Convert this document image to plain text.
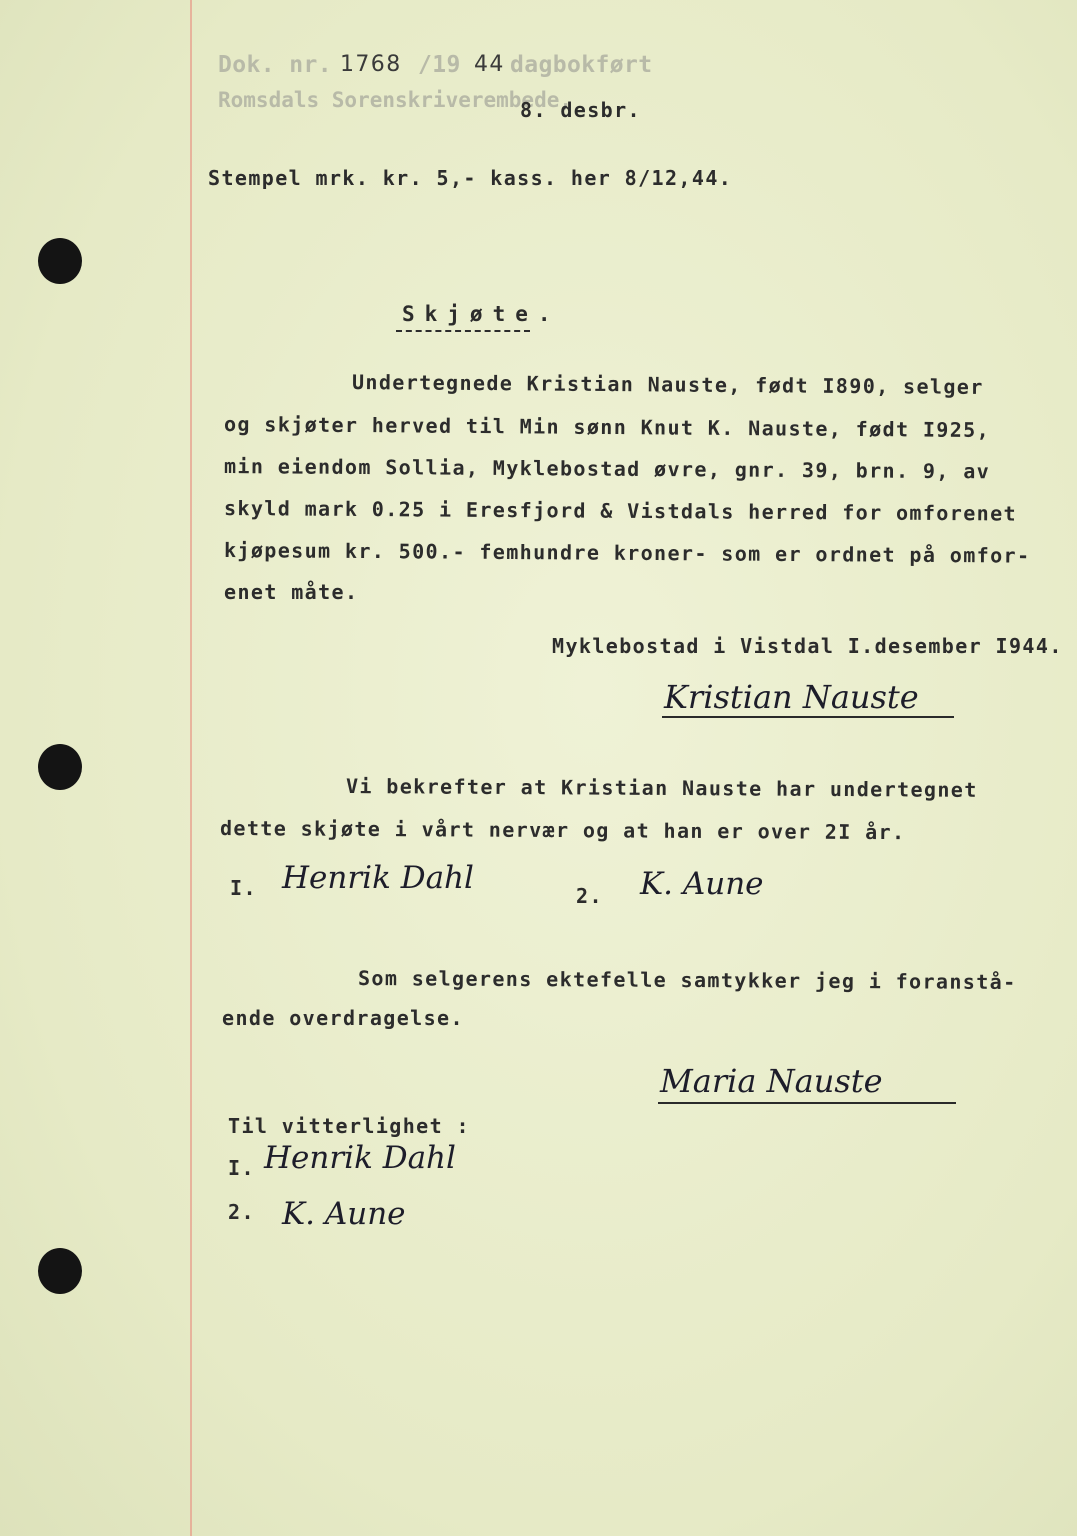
Dok. nr. 1768 /19 44 dagbokført
Romsdals Sorenskriverembede,
8. desbr.
Stempel mrk. kr. 5,- kass. her 8/12,44.
Skjøte.
Undertegnede Kristian Nauste, født I890, selger
og skjøter herved til Min sønn Knut K. Nauste, født I925,
min eiendom Sollia, Myklebostad øvre, gnr. 39, brn. 9, av
skyld mark 0.25 i Eresfjord & Vistdals herred for omforenet
kjøpesum kr. 500.- femhundre kroner- som er ordnet på omfor-
enet måte.
Myklebostad i Vistdal I.desember I944.
Kristian Nauste
Vi bekrefter at Kristian Nauste har undertegnet
dette skjøte i vårt nervær og at han er over 2I år.
I. Henrik Dahl	2. K. Aune
Som selgerens ektefelle samtykker jeg i foranstå-
ende overdragelse.
Maria Nauste
Til vitterlighet :
I. Henrik Dahl
2. K. Aune
